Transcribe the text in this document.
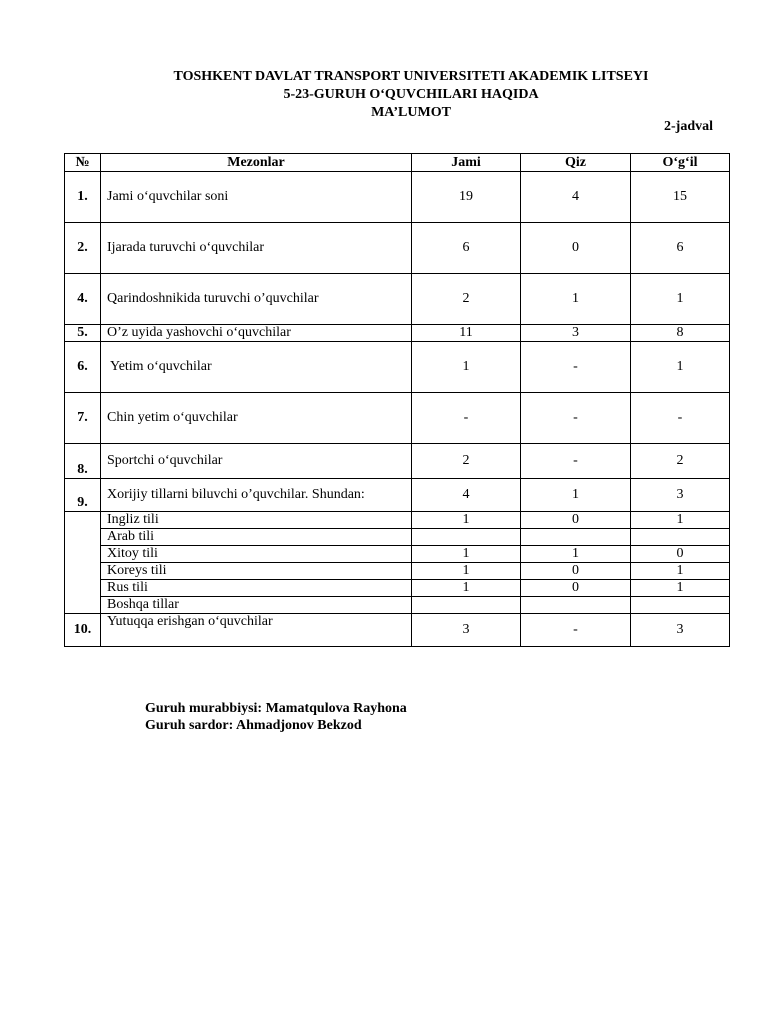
TOSHKENT DAVLAT TRANSPORT UNIVERSITETI AKADEMIK LITSEYI
5-23-GURUH O‘QUVCHILARI HAQIDA
MA’LUMOT
2-jadval
№	Mezonlar	Jami	Qiz	O‘g‘il
1.	Jami o‘quvchilar soni	19	4	15
2.	Ijarada turuvchi o‘quvchilar	6	0	6
4.	Qarindoshnikida turuvchi o’quvchilar	2	1	1
5.	O’z uyida yashovchi o‘quvchilar	11	3	8
6.	Yetim o‘quvchilar	1	-	1
7.	Chin yetim o‘quvchilar	-	-	-
8.	Sportchi o‘quvchilar	2	-	2
9.	Xorijiy tillarni biluvchi o’quvchilar. Shundan:	4	1	3
	Ingliz tili	1	0	1
	Arab tili			
	Xitoy tili	1	1	0
	Koreys tili	1	0	1
	Rus tili	1	0	1
	Boshqa tillar			
10.	Yutuqqa erishgan o‘quvchilar	3	-	3
Guruh murabbiysi: Mamatqulova Rayhona
Guruh sardor: Ahmadjonov Bekzod
